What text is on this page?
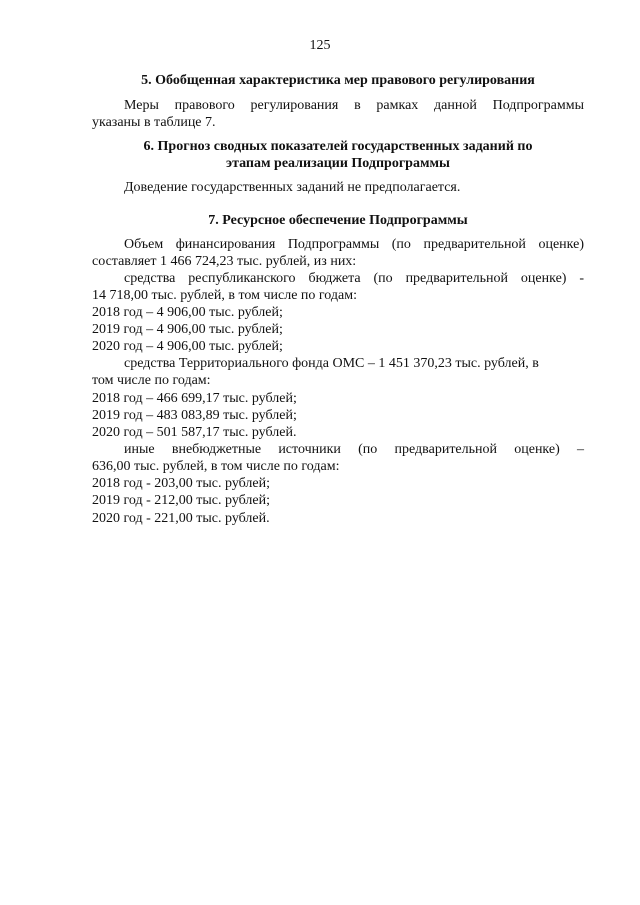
125
5. Обобщенная характеристика мер правового регулирования
Меры правового регулирования в рамках данной Подпрограммы
указаны в таблице 7.
6. Прогноз сводных показателей государственных заданий по
этапам реализации Подпрограммы
Доведение государственных заданий не предполагается.
7. Ресурсное обеспечение Подпрограммы
Объем финансирования Подпрограммы (по предварительной оценке)
составляет 1 466 724,23 тыс. рублей, из них:
средства республиканского бюджета (по предварительной оценке) -
14 718,00 тыс. рублей, в том числе по годам:
2018 год – 4 906,00 тыс. рублей;
2019 год – 4 906,00 тыс. рублей;
2020 год – 4 906,00 тыс. рублей;
средства Территориального фонда ОМС – 1 451 370,23 тыс. рублей, в
том числе по годам:
2018 год – 466 699,17 тыс. рублей;
2019 год – 483 083,89 тыс. рублей;
2020 год – 501 587,17 тыс. рублей.
иные внебюджетные источники (по предварительной оценке) –
636,00 тыс. рублей, в том числе по годам:
2018 год - 203,00 тыс. рублей;
2019 год - 212,00 тыс. рублей;
2020 год - 221,00 тыс. рублей.
